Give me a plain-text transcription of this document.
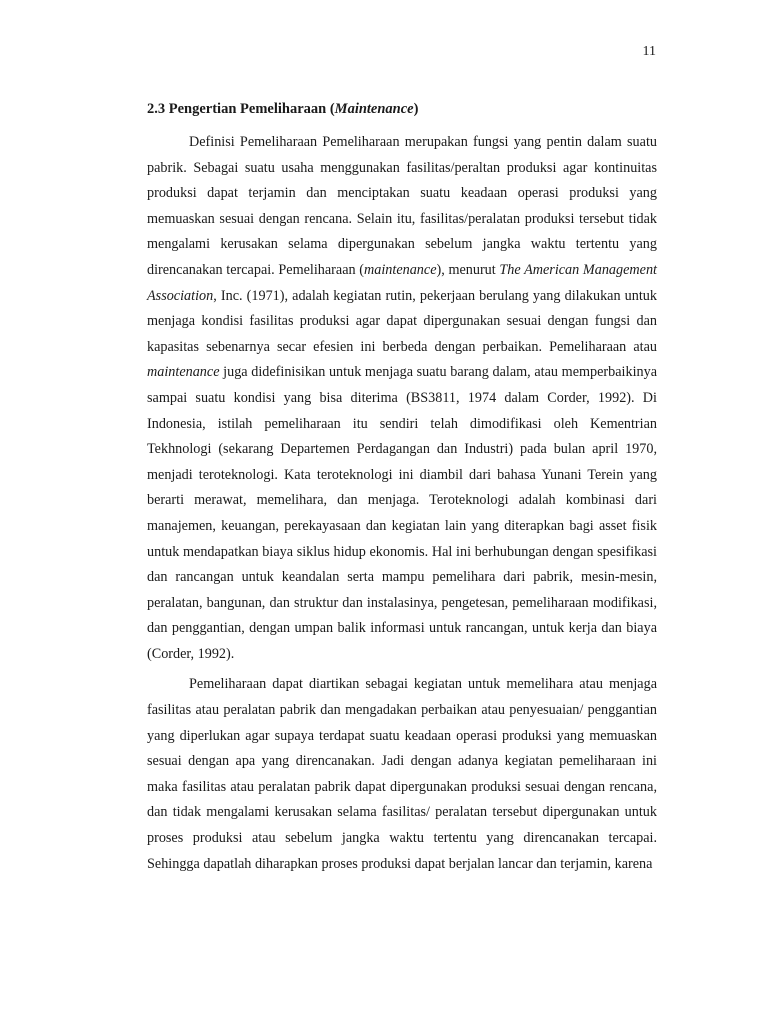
11
2.3 Pengertian Pemeliharaan (Maintenance)

Definisi Pemeliharaan Pemeliharaan merupakan fungsi yang pentin dalam suatu pabrik. Sebagai suatu usaha menggunakan fasilitas/peraltan produksi agar kontinuitas produksi dapat terjamin dan menciptakan suatu keadaan operasi produksi yang memuaskan sesuai dengan rencana. Selain itu, fasilitas/peralatan produksi tersebut tidak mengalami kerusakan selama dipergunakan sebelum jangka waktu tertentu yang direncanakan tercapai. Pemeliharaan (maintenance), menurut The American Management Association, Inc. (1971), adalah kegiatan rutin, pekerjaan berulang yang dilakukan untuk menjaga kondisi fasilitas produksi agar dapat dipergunakan sesuai dengan fungsi dan kapasitas sebenarnya secar efesien ini berbeda dengan perbaikan. Pemeliharaan atau maintenance juga didefinisikan untuk menjaga suatu barang dalam, atau memperbaikinya sampai suatu kondisi yang bisa diterima (BS3811, 1974 dalam Corder, 1992). Di Indonesia, istilah pemeliharaan itu sendiri telah dimodifikasi oleh Kementrian Tekhnologi (sekarang Departemen Perdagangan dan Industri) pada bulan april 1970, menjadi teroteknologi. Kata teroteknologi ini diambil dari bahasa Yunani Terein yang berarti merawat, memelihara, dan menjaga. Teroteknologi adalah kombinasi dari manajemen, keuangan, perekayasaan dan kegiatan lain yang diterapkan bagi asset fisik untuk mendapatkan biaya siklus hidup ekonomis. Hal ini berhubungan dengan spesifikasi dan rancangan untuk keandalan serta mampu pemelihara dari pabrik, mesin-mesin, peralatan, bangunan, dan struktur dan instalasinya, pengetesan, pemeliharaan modifikasi, dan penggantian, dengan umpan balik informasi untuk rancangan, untuk kerja dan biaya (Corder, 1992).

Pemeliharaan dapat diartikan sebagai kegiatan untuk memelihara atau menjaga fasilitas atau peralatan pabrik dan mengadakan perbaikan atau penyesuaian/ penggantian yang diperlukan agar supaya terdapat suatu keadaan operasi produksi yang memuaskan sesuai dengan apa yang direncanakan. Jadi dengan adanya kegiatan pemeliharaan ini maka fasilitas atau peralatan pabrik dapat dipergunakan produksi sesuai dengan rencana, dan tidak mengalami kerusakan selama fasilitas/ peralatan tersebut dipergunakan untuk proses produksi atau sebelum jangka waktu tertentu yang direncanakan tercapai. Sehingga dapatlah diharapkan proses produksi dapat berjalan lancar dan terjamin, karena
